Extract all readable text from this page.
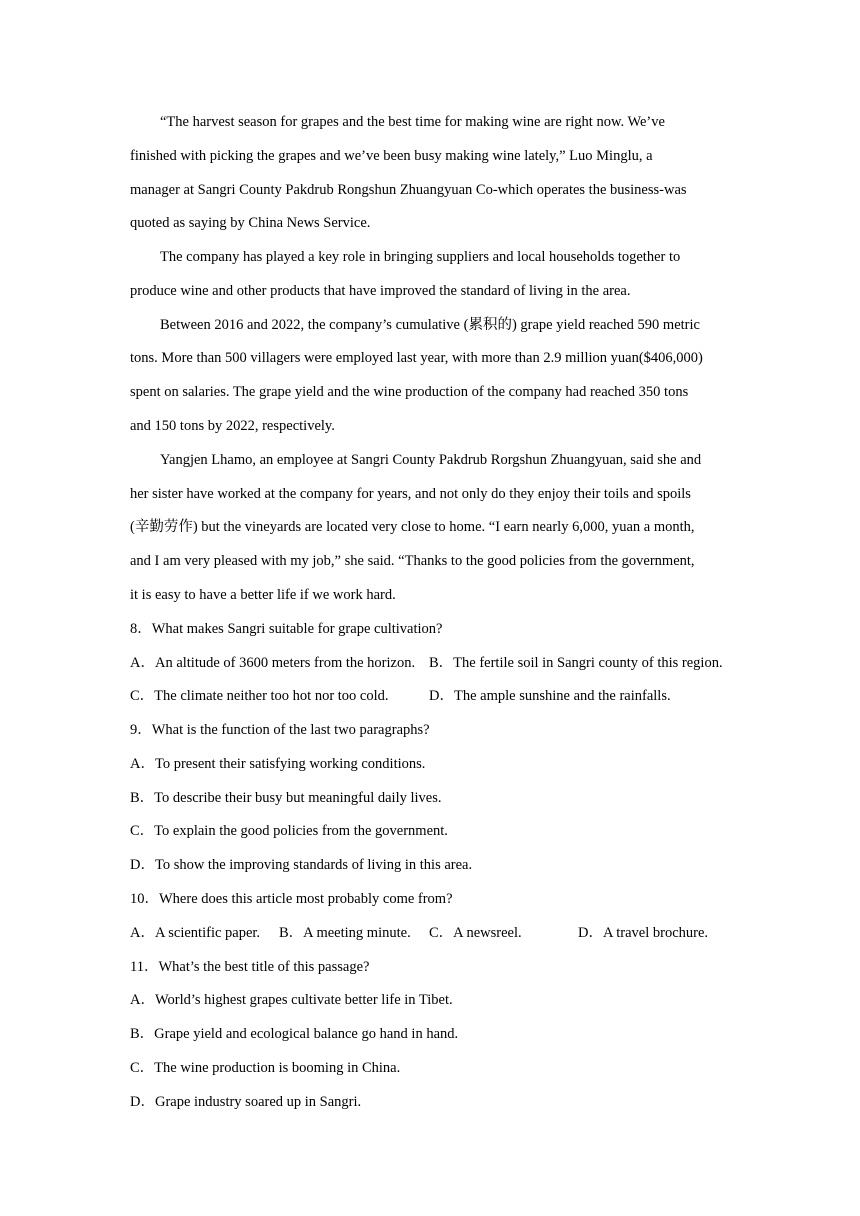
“The harvest season for grapes and the best time for making wine are right now. We’ve
finished with picking the grapes and we’ve been busy making wine lately,” Luo Minglu, a
manager at Sangri County Pakdrub Rongshun Zhuangyuan Co-which operates the business-was
quoted as saying by China News Service.
The company has played a key role in bringing suppliers and local households together to
produce wine and other products that have improved the standard of living in the area.
Between 2016 and 2022, the company’s cumulative (累积的) grape yield reached 590 metric
tons. More than 500 villagers were employed last year, with more than 2.9 million yuan($406,000)
spent on salaries. The grape yield and the wine production of the company had reached 350 tons
and 150 tons by 2022, respectively.
Yangjen Lhamo, an employee at Sangri County Pakdrub Rorgshun Zhuangyuan, said she and
her sister have worked at the company for years, and not only do they enjoy their toils and spoils
(辛勤劳作) but the vineyards are located very close to home. “I earn nearly 6,000, yuan a month,
and I am very pleased with my job,” she said. “Thanks to the good policies from the government,
it is easy to have a better life if we work hard.
8．What makes Sangri suitable for grape cultivation?
A．An altitude of 3600 meters from the horizon. B．The fertile soil in Sangri county of this region.
C．The climate neither too hot nor too cold.	D．The ample sunshine and the rainfalls.
9．What is the function of the last two paragraphs?
A．To present their satisfying working conditions.
B．To describe their busy but meaningful daily lives.
C．To explain the good policies from the government.
D．To show the improving standards of living in this area.
10．Where does this article most probably come from?
A．A scientific paper. B．A meeting minute. C．A newsreel.	D．A travel brochure.
11．What’s the best title of this passage?
A．World’s highest grapes cultivate better life in Tibet.
B．Grape yield and ecological balance go hand in hand.
C．The wine production is booming in China.
D．Grape industry soared up in Sangri.
